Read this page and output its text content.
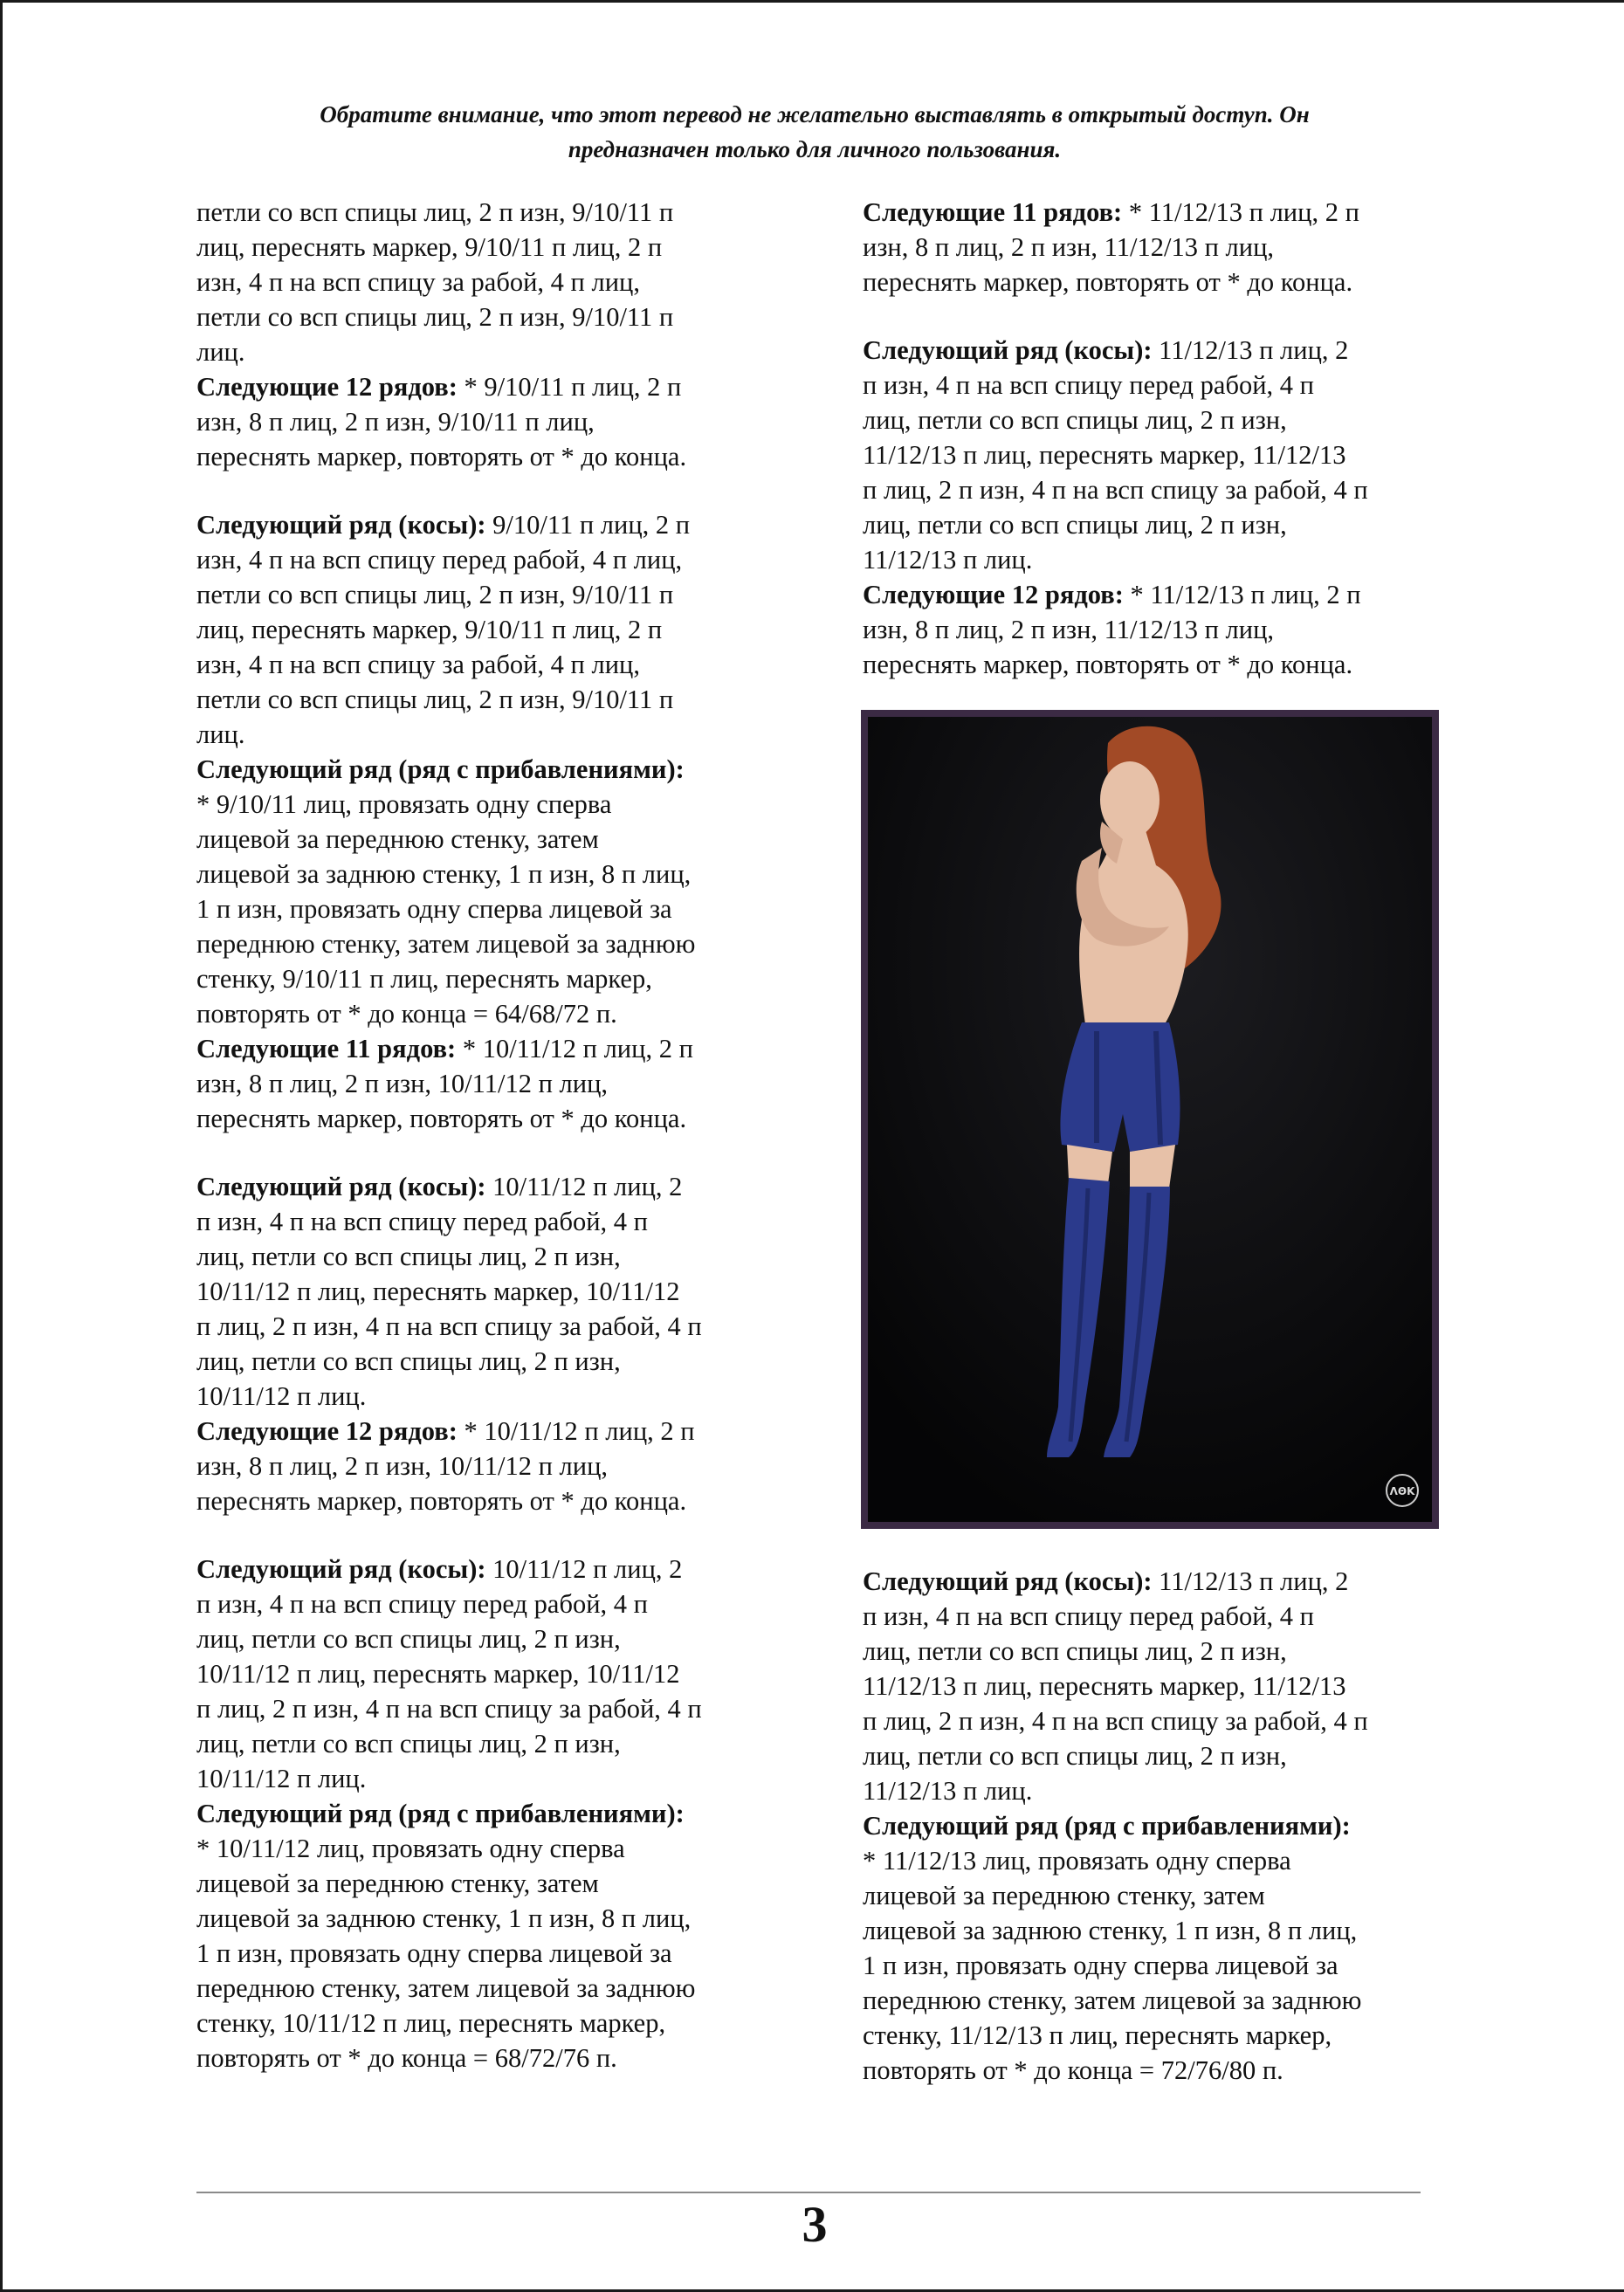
Обратите внимание, что этот перевод не желательно выставлять в открытый доступ. Он
предназначен только для личного пользования.
петли со всп спицы лиц, 2 п изн, 9/10/11 п
лиц, переснять маркер, 9/10/11 п лиц, 2 п
изн, 4 п на всп спицу за рабой, 4 п лиц,
петли со всп спицы лиц, 2 п изн, 9/10/11 п
лиц.
Следующие 12 рядов: * 9/10/11 п лиц, 2 п
изн, 8 п лиц, 2 п изн, 9/10/11 п лиц,
переснять маркер, повторять от * до конца.
Следующий ряд (косы): 9/10/11 п лиц, 2 п
изн, 4 п на всп спицу перед рабой, 4 п лиц,
петли со всп спицы лиц, 2 п изн, 9/10/11 п
лиц, переснять маркер, 9/10/11 п лиц, 2 п
изн, 4 п на всп спицу за рабой, 4 п лиц,
петли со всп спицы лиц, 2 п изн, 9/10/11 п
лиц.
Следующий ряд (ряд с прибавлениями):
* 9/10/11 лиц, провязать одну сперва
лицевой за переднюю стенку, затем
лицевой за заднюю стенку, 1 п изн, 8 п лиц,
1 п изн, провязать одну сперва лицевой за
переднюю стенку, затем лицевой за заднюю
стенку, 9/10/11 п лиц, переснять маркер,
повторять от * до конца = 64/68/72 п.
Следующие 11 рядов: * 10/11/12 п лиц, 2 п
изн, 8 п лиц, 2 п изн, 10/11/12 п лиц,
переснять маркер, повторять от * до конца.
Следующий ряд (косы): 10/11/12 п лиц, 2
п изн, 4 п на всп спицу перед рабой, 4 п
лиц, петли со всп спицы лиц, 2 п изн,
10/11/12 п лиц, переснять маркер, 10/11/12
п лиц, 2 п изн, 4 п на всп спицу за рабой, 4 п
лиц, петли со всп спицы лиц, 2 п изн,
10/11/12 п лиц.
Следующие 12 рядов: * 10/11/12 п лиц, 2 п
изн, 8 п лиц, 2 п изн, 10/11/12 п лиц,
переснять маркер, повторять от * до конца.
Следующий ряд (косы): 10/11/12 п лиц, 2
п изн, 4 п на всп спицу перед рабой, 4 п
лиц, петли со всп спицы лиц, 2 п изн,
10/11/12 п лиц, переснять маркер, 10/11/12
п лиц, 2 п изн, 4 п на всп спицу за рабой, 4 п
лиц, петли со всп спицы лиц, 2 п изн,
10/11/12 п лиц.
Следующий ряд (ряд с прибавлениями):
* 10/11/12 лиц, провязать одну сперва
лицевой за переднюю стенку, затем
лицевой за заднюю стенку, 1 п изн, 8 п лиц,
1 п изн, провязать одну сперва лицевой за
переднюю стенку, затем лицевой за заднюю
стенку, 10/11/12 п лиц, переснять маркер,
повторять от * до конца = 68/72/76 п.
Следующие 11 рядов: * 11/12/13 п лиц, 2 п
изн, 8 п лиц, 2 п изн, 11/12/13 п лиц,
переснять маркер, повторять от * до конца.
Следующий ряд (косы): 11/12/13 п лиц, 2
п изн, 4 п на всп спицу перед рабой, 4 п
лиц, петли со всп спицы лиц, 2 п изн,
11/12/13 п лиц, переснять маркер, 11/12/13
п лиц, 2 п изн, 4 п на всп спицу за рабой, 4 п
лиц, петли со всп спицы лиц, 2 п изн,
11/12/13 п лиц.
Следующие 12 рядов: * 11/12/13 п лиц, 2 п
изн, 8 п лиц, 2 п изн, 11/12/13 п лиц,
переснять маркер, повторять от * до конца.
ΛΘK
Следующий ряд (косы): 11/12/13 п лиц, 2
п изн, 4 п на всп спицу перед рабой, 4 п
лиц, петли со всп спицы лиц, 2 п изн,
11/12/13 п лиц, переснять маркер, 11/12/13
п лиц, 2 п изн, 4 п на всп спицу за рабой, 4 п
лиц, петли со всп спицы лиц, 2 п изн,
11/12/13 п лиц.
Следующий ряд (ряд с прибавлениями):
* 11/12/13 лиц, провязать одну сперва
лицевой за переднюю стенку, затем
лицевой за заднюю стенку, 1 п изн, 8 п лиц,
1 п изн, провязать одну сперва лицевой за
переднюю стенку, затем лицевой за заднюю
стенку, 11/12/13 п лиц, переснять маркер,
повторять от * до конца = 72/76/80 п.
3
